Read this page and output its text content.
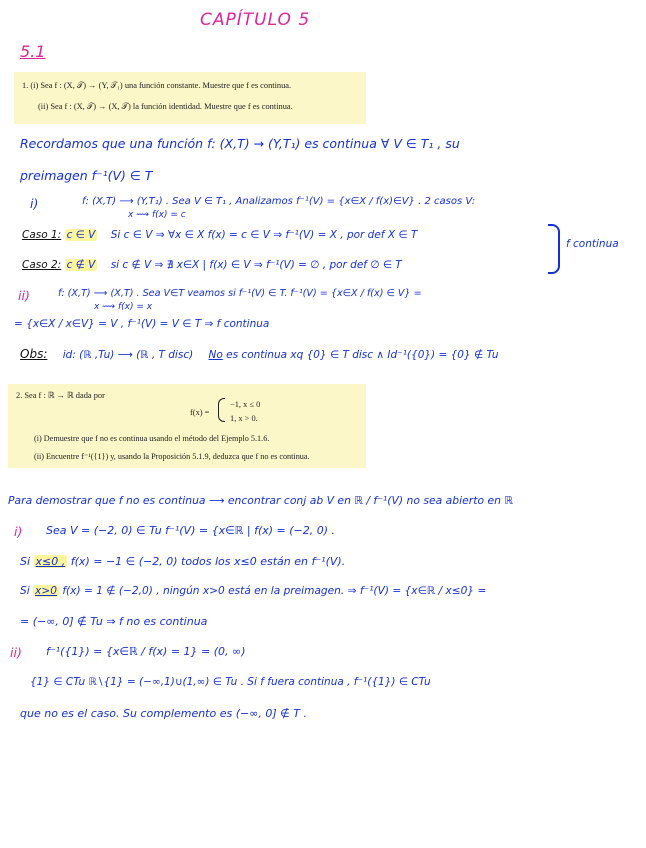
CAPÍTULO 5
5.1

1. (i) Sea f : (X, 𝒯) → (Y, 𝒯₁) una función constante. Muestre que f es continua.

(ii) Sea f : (X, 𝒯) → (X, 𝒯) la función identidad. Muestre que f es continua.

Recordamos que una función f: (X,T) → (Y,T₁) es continua ∀ V ∈ T₁ , su
preimagen f⁻¹(V) ∈ T
i)	f: (X,T) ⟶ (Y,T₁) . Sea V ∈ T₁ , Analizamos f⁻¹(V) = {x∈X / f(x)∈V} . 2 casos V:
x ⟿ f(x) = c
Caso 1: c ∈ V Si c ∈ V ⇒ ∀x ∈ X f(x) = c ∈ V ⇒ f⁻¹(V) = X , por def X ∈ T
Caso 2: c ∉ V si c ∉ V ⇒ ∄ x∈X | f(x) ∈ V ⇒ f⁻¹(V) = ∅ , por def ∅ ∈ T
f continua
ii)	f: (X,T) ⟶ (X,T) . Sea V∈T veamos si f⁻¹(V) ∈ T. f⁻¹(V) = {x∈X / f(x) ∈ V} =
x ⟿ f(x) = x
= {x∈X / x∈V} = V , f⁻¹(V) = V ∈ T ⇒ f continua
Obs: id: (ℝ ,Tu) ⟶ (ℝ , T disc) No es continua xq {0} ∈ T disc ∧ Id⁻¹({0}) = {0} ∉ Tu

2. Sea f : ℝ → ℝ dada por

f(x) =

−1, x ≤ 0

1, x > 0.

(i) Demuestre que f no es continua usando el método del Ejemplo 5.1.6.

(ii) Encuentre f⁻¹({1}) y, usando la Proposición 5.1.9, deduzca que f no es continua.

Para demostrar que f no es continua ⟶ encontrar conj ab V en ℝ / f⁻¹(V) no sea abierto en ℝ
i) Sea V = (−2, 0) ∈ Tu f⁻¹(V) = {x∈ℝ | f(x) = (−2, 0) .
Si x≤0 , f(x) = −1 ∈ (−2, 0) todos los x≤0 están en f⁻¹(V).
Si x>0 f(x) = 1 ∉ (−2,0) , ningún x>0 está en la preimagen. ⇒ f⁻¹(V) = {x∈ℝ / x≤0} =
= (−∞, 0] ∉ Tu ⇒ f no es continua
ii) f⁻¹({1}) = {x∈ℝ / f(x) = 1} = (0, ∞)
{1} ∈ CTu ℝ∖{1} = (−∞,1)∪(1,∞) ∈ Tu . Si f fuera continua , f⁻¹({1}) ∈ CTu
que no es el caso. Su complemento es (−∞, 0] ∉ T .
